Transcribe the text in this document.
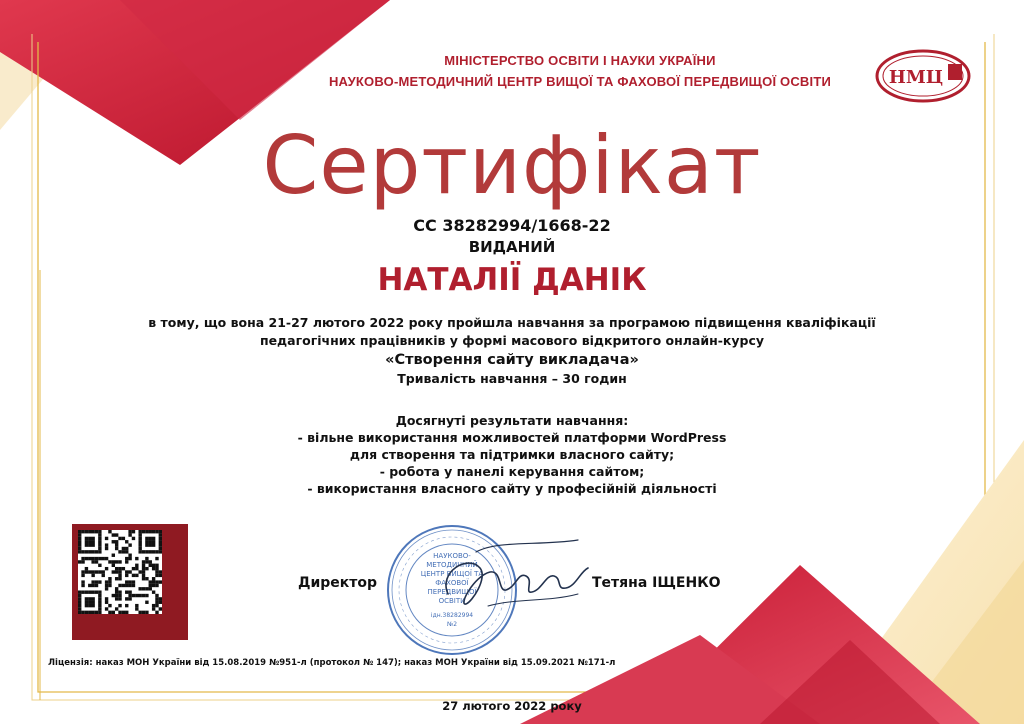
МІНІСТЕРСТВО ОСВІТИ І НАУКИ УКРАЇНИ
НАУКОВО-МЕТОДИЧНИЙ ЦЕНТР ВИЩОЇ ТА ФАХОВОЇ ПЕРЕДВИЩОЇ ОСВІТИ	НМЦ
Сертифікат
СС 38282994/1668-22
ВИДАНИЙ
НАТАЛІЇ ДАНІК
в тому, що вона 21-27 лютого 2022 року пройшла навчання за програмою підвищення кваліфікації
педагогічних працівників у формі масового відкритого онлайн-курсу
«Створення сайту викладача»
Тривалість навчання – 30 годин
Досягнуті результати навчання:
- вільне використання можливостей платформи WordPress
для створення та підтримки власного сайту;
- робота у панелі керування сайтом;
- використання власного сайту у професійній діяльності
НАУКОВО-
МЕТОДИЧНИЙ
ЦЕНТР ВИЩОЇ ТА
ФАХОВОЇ
ПЕРЕДВИЩОЇ
ОСВІТИ
ідн.38282994
№2
Директор	Тетяна ІЩЕНКО
Ліцензія: наказ МОН України від 15.08.2019 №951-л (протокол № 147); наказ МОН України від 15.09.2021 №171-л
27 лютого 2022 року
